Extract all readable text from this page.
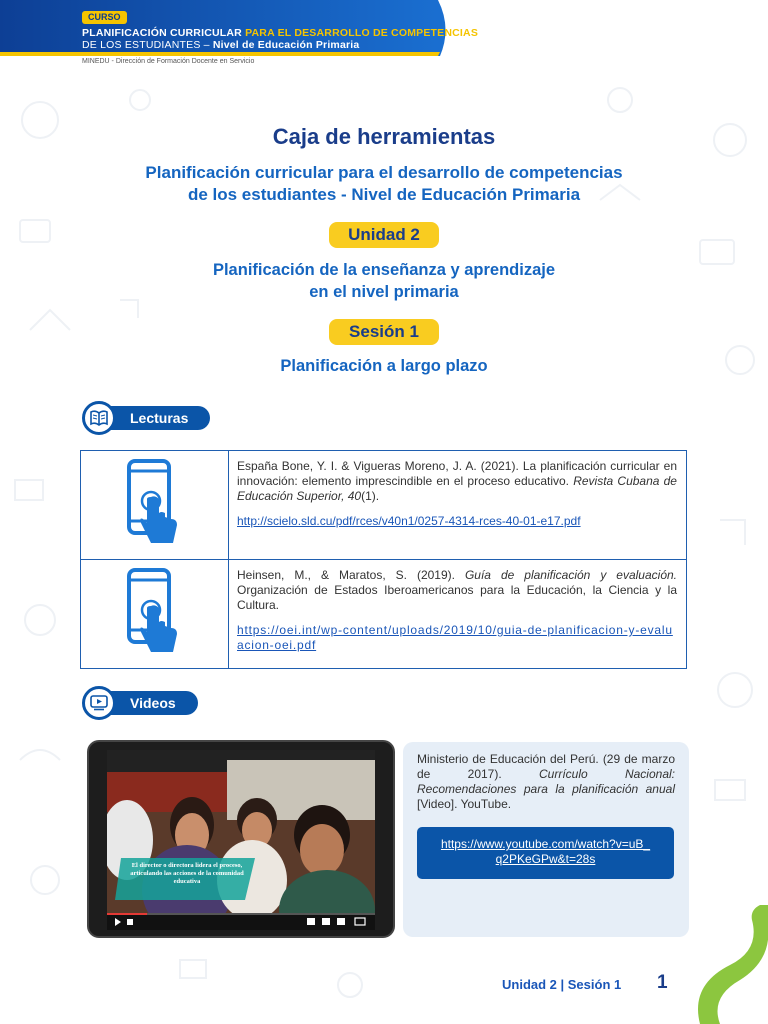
CURSO
PLANIFICACIÓN CURRICULAR PARA EL DESARROLLO DE COMPETENCIAS
DE LOS ESTUDIANTES – Nivel de Educación Primaria
MINEDU - Dirección de Formación Docente en Servicio
Caja de herramientas
Planificación curricular para el desarrollo de competencias
de los estudiantes - Nivel de Educación Primaria
Unidad 2
Planificación de la enseñanza y aprendizaje
en el nivel primaria
Sesión 1
Planificación a largo plazo
Lecturas
España Bone, Y. I. & Vigueras Moreno, J. A. (2021). La planificación curricular en innovación: elemento imprescindible en el proceso educativo. Revista Cubana de Educación Superior, 40(1).
http://scielo.sld.cu/pdf/rces/v40n1/0257-4314-rces-40-01-e17.pdf
Heinsen, M., & Maratos, S. (2019). Guía de planificación y evaluación. Organización de Estados Iberoamericanos para la Educación, la Ciencia y la Cultura.
https://oei.int/wp-content/uploads/2019/10/guia-de-planificacion-y-evaluacion-oei.pdf
Videos
El director o directora lidera el proceso, articulando las acciones de la comunidad educativa
Ministerio de Educación del Perú. (29 de marzo de 2017). Currículo Nacional: Recomendaciones para la planificación anual [Video]. YouTube.
https://www.youtube.com/watch?v=uB_
q2PKeGPw&t=28s
Unidad 2 | Sesión 1 1
